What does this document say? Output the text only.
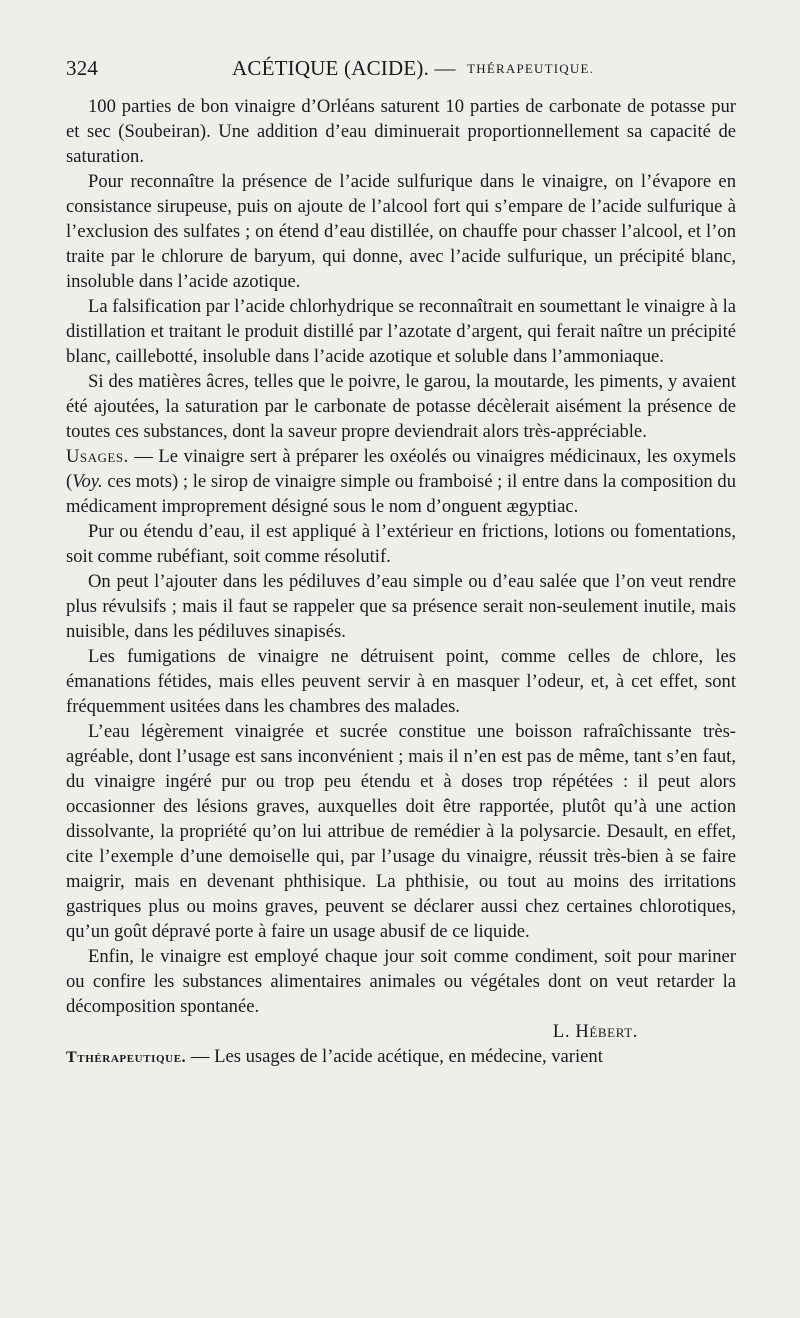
324	ACÉTIQUE (ACIDE). — THÉRAPEUTIQUE.

100 parties de bon vinaigre d’Orléans saturent 10 parties de carbonate de potasse pur et sec (Soubeiran). Une addition d’eau diminuerait proportionnellement sa capacité de saturation.

Pour reconnaître la présence de l’acide sulfurique dans le vinaigre, on l’évapore en consistance sirupeuse, puis on ajoute de l’alcool fort qui s’empare de l’acide sulfurique à l’exclusion des sulfates ; on étend d’eau distillée, on chauffe pour chasser l’alcool, et l’on traite par le chlorure de baryum, qui donne, avec l’acide sulfurique, un précipité blanc, insoluble dans l’acide azotique.

La falsification par l’acide chlorhydrique se reconnaîtrait en soumettant le vinaigre à la distillation et traitant le produit distillé par l’azotate d’argent, qui ferait naître un précipité blanc, caillebotté, insoluble dans l’acide azotique et soluble dans l’ammoniaque.

Si des matières âcres, telles que le poivre, le garou, la moutarde, les piments, y avaient été ajoutées, la saturation par le carbonate de potasse décèlerait aisément la présence de toutes ces substances, dont la saveur propre deviendrait alors très-appréciable.

Usages. — Le vinaigre sert à préparer les oxéolés ou vinaigres médicinaux, les oxymels (Voy. ces mots) ; le sirop de vinaigre simple ou framboisé ; il entre dans la composition du médicament improprement désigné sous le nom d’onguent ægyptiac.

Pur ou étendu d’eau, il est appliqué à l’extérieur en frictions, lotions ou fomentations, soit comme rubéfiant, soit comme résolutif.

On peut l’ajouter dans les pédiluves d’eau simple ou d’eau salée que l’on veut rendre plus révulsifs ; mais il faut se rappeler que sa présence serait non-seulement inutile, mais nuisible, dans les pédiluves sinapisés.

Les fumigations de vinaigre ne détruisent point, comme celles de chlore, les émanations fétides, mais elles peuvent servir à en masquer l’odeur, et, à cet effet, sont fréquemment usitées dans les chambres des malades.

L’eau légèrement vinaigrée et sucrée constitue une boisson rafraîchissante très-agréable, dont l’usage est sans inconvénient ; mais il n’en est pas de même, tant s’en faut, du vinaigre ingéré pur ou trop peu étendu et à doses trop répétées : il peut alors occasionner des lésions graves, auxquelles doit être rapportée, plutôt qu’à une action dissolvante, la propriété qu’on lui attribue de remédier à la polysarcie. Desault, en effet, cite l’exemple d’une demoiselle qui, par l’usage du vinaigre, réussit très-bien à se faire maigrir, mais en devenant phthisique. La phthisie, ou tout au moins des irritations gastriques plus ou moins graves, peuvent se déclarer aussi chez certaines chlorotiques, qu’un goût dépravé porte à faire un usage abusif de ce liquide.

Enfin, le vinaigre est employé chaque jour soit comme condiment, soit pour mariner ou confire les substances alimentaires animales ou végétales dont on veut retarder la décomposition spontanée.

L. Hébert.

Tthérapeutique. — Les usages de l’acide acétique, en médecine, varient
